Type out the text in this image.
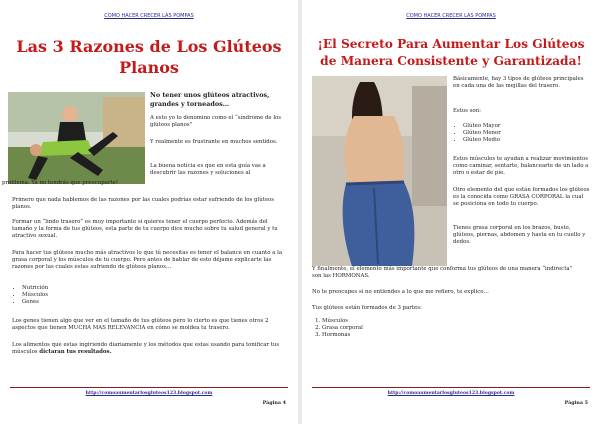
COMO HACER CRECER LAS POMPAS
Las 3 Razones de Los Glúteos Planos
No tener unos glúteos atractivos, grandes y torneados…
A esto yo lo denomino como el “síndrome de los glúteos planos”
Y realmente es frustrante en muchos sentidos.
La buena noticia es que en esta guía vas a descubrir las razones y soluciones al
problema. Ya no tendrás que preocuparte!
Primero que nada hablemos de las razones por las cuales podrías estar sufriendo de los glúteos planos.
Formar un “lindo trasero” es muy importante si quieres tener el cuerpo perfecto. Además del tamaño y la forma de tus glúteos, esta parte de tu cuerpo dice mucho sobre tu salud general y tu atractivo sexual.
Para hacer tus glúteos mucho más atractivos lo que tú necesitas es tener el balance en cuanto a la grasa corporal y los músculos de tu cuerpo. Pero antes de hablar de esto déjame explicarte las razones por las cuales estas sufriendo de glúteos planos…
• Nutrición
• Músculos
• Genes
Los genes tienen algo que ver en el tamaño de tus glúteos pero lo cierto es que tienes otros 2 aspectos que tienen MUCHA MAS RELEVANCIA en cómo se moldea tu trasero.
Los alimentos que estas ingiriendo diariamente y los métodos que estas usando para tonificar tus músculos dictaran tus resultados.
http://comoaumentarlosgluteos123.blogspot.com
Página 4
COMO HACER CRECER LAS POMPAS
¡El Secreto Para Aumentar Los Glúteos de Manera Consistente y Garantizada!
Básicamente, hay 3 tipos de glúteos principales en cada una de las mejillas del trasero.
Estos son:
• Glúteo Mayor
• Glúteo Menor
• Glúteo Medio
Estos músculos te ayudan a realizar movimientos como caminar, sentarte, balancearte de un lado a otro o estar de pie.
Otro elemento del que están formados los glúteos es la conocida como GRASA CORPORAL la cual se posiciona en todo tu cuerpo.
Tienes grasa corporal en los brazos, busto, glúteos, piernas, abdomen y hasta en tu cuello y dedos.
Y finalmente, el elemento más importante que conforma tus glúteos de una manera “indirecta” son las HORMONAS.
No te preocupes si no entiendes a lo que me refiero, te explico…
Tus glúteos están formados de 3 partes:
1. Músculos
2. Grasa corporal
3. Hormonas
http://comoaumentarlosgluteos123.blogspot.com
Página 5
